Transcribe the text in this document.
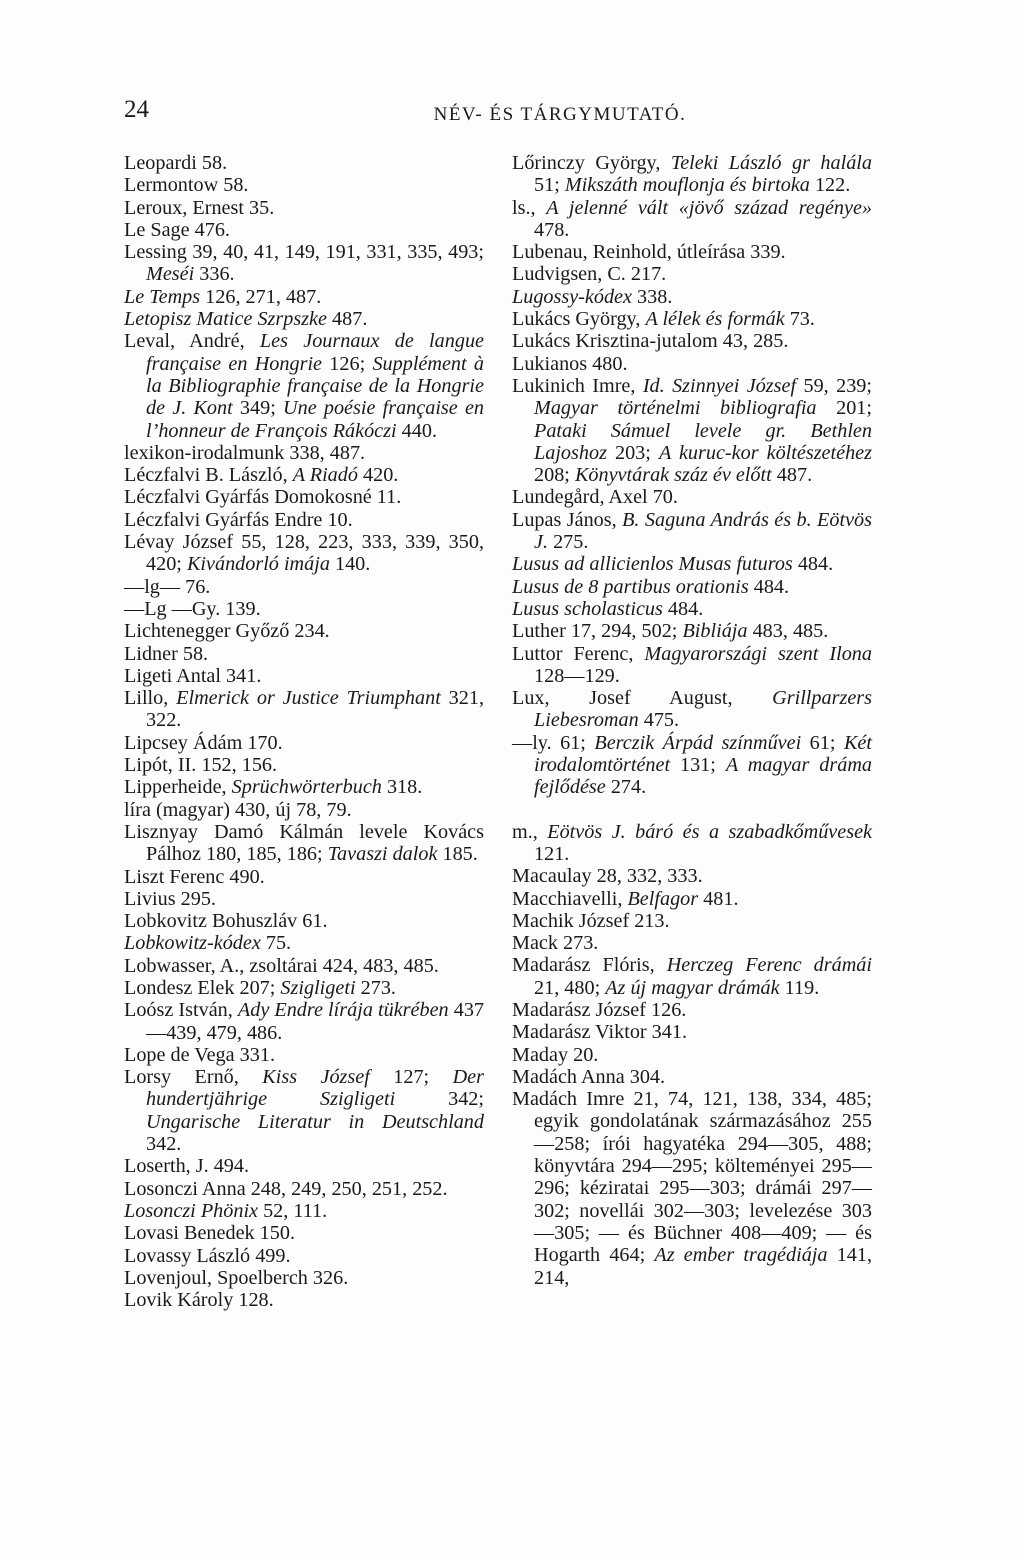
24	NÉV- ÉS TÁRGYMUTATÓ.

Leopardi 58.

Lermontow 58.

Leroux, Ernest 35.

Le Sage 476.

Lessing 39, 40, 41, 149, 191, 331, 335, 493; Meséi 336.

Le Temps 126, 271, 487.

Letopisz Matice Szrpszke 487.

Leval, André, Les Journaux de langue française en Hongrie 126; Supplément à la Bibliographie française de la Hongrie de J. Kont 349; Une poésie française en l’honneur de François Rákóczi 440.

lexikon-irodalmunk 338, 487.

Léczfalvi B. László, A Riadó 420.

Léczfalvi Gyárfás Domokosné 11.

Léczfalvi Gyárfás Endre 10.

Lévay József 55, 128, 223, 333, 339, 350, 420; Kivándorló imája 140.

—lg— 76.

—Lg —Gy. 139.

Lichtenegger Győző 234.

Lidner 58.

Ligeti Antal 341.

Lillo, Elmerick or Justice Triumphant 321, 322.

Lipcsey Ádám 170.

Lipót, II. 152, 156.

Lipperheide, Sprüchwörterbuch 318.

líra (magyar) 430, új 78, 79.

Lisznyay Damó Kálmán levele Kovács Pálhoz 180, 185, 186; Tavaszi dalok 185.

Liszt Ferenc 490.

Livius 295.

Lobkovitz Bohuszláv 61.

Lobkowitz-kódex 75.

Lobwasser, A., zsoltárai 424, 483, 485.

Londesz Elek 207; Szigligeti 273.

Loósz István, Ady Endre lírája tükrében 437—439, 479, 486.

Lope de Vega 331.

Lorsy Ernő, Kiss József 127; Der hundertjährige Szigligeti 342; Ungarische Literatur in Deutschland 342.

Loserth, J. 494.

Losonczi Anna 248, 249, 250, 251, 252.

Losonczi Phönix 52, 111.

Lovasi Benedek 150.

Lovassy László 499.

Lovenjoul, Spoelberch 326.

Lovik Károly 128.

Lőrinczy György, Teleki László gr halála 51; Mikszáth mouflonja és birtoka 122.

ls., A jelenné vált «jövő század regénye» 478.

Lubenau, Reinhold, útleírása 339.

Ludvigsen, C. 217.

Lugossy-kódex 338.

Lukács György, A lélek és formák 73.

Lukács Krisztina-jutalom 43, 285.

Lukianos 480.

Lukinich Imre, Id. Szinnyei József 59, 239; Magyar történelmi bibliografia 201; Pataki Sámuel levele gr. Bethlen Lajoshoz 203; A kuruc-kor költészetéhez 208; Könyvtárak száz év előtt 487.

Lundegård, Axel 70.

Lupas János, B. Saguna András és b. Eötvös J. 275.

Lusus ad allicienlos Musas futuros 484.

Lusus de 8 partibus orationis 484.

Lusus scholasticus 484.

Luther 17, 294, 502; Bibliája 483, 485.

Luttor Ferenc, Magyarországi szent Ilona 128—129.

Lux, Josef August, Grillparzers Liebesroman 475.

—ly. 61; Berczik Árpád színművei 61; Két irodalomtörténet 131; A magyar dráma fejlődése 274.

m., Eötvös J. báró és a szabadkőművesek 121.

Macaulay 28, 332, 333.

Macchiavelli, Belfagor 481.

Machik József 213.

Mack 273.

Madarász Flóris, Herczeg Ferenc drámái 21, 480; Az új magyar drámák 119.

Madarász József 126.

Madarász Viktor 341.

Maday 20.

Madách Anna 304.

Madách Imre 21, 74, 121, 138, 334, 485; egyik gondolatának származásához 255—258; írói hagyatéka 294—305, 488; könyvtára 294—295; költeményei 295—296; kéziratai 295—303; drámái 297—302; novellái 302—303; levelezése 303—305; — és Büchner 408—409; — és Hogarth 464; Az ember tragédiája 141, 214,
